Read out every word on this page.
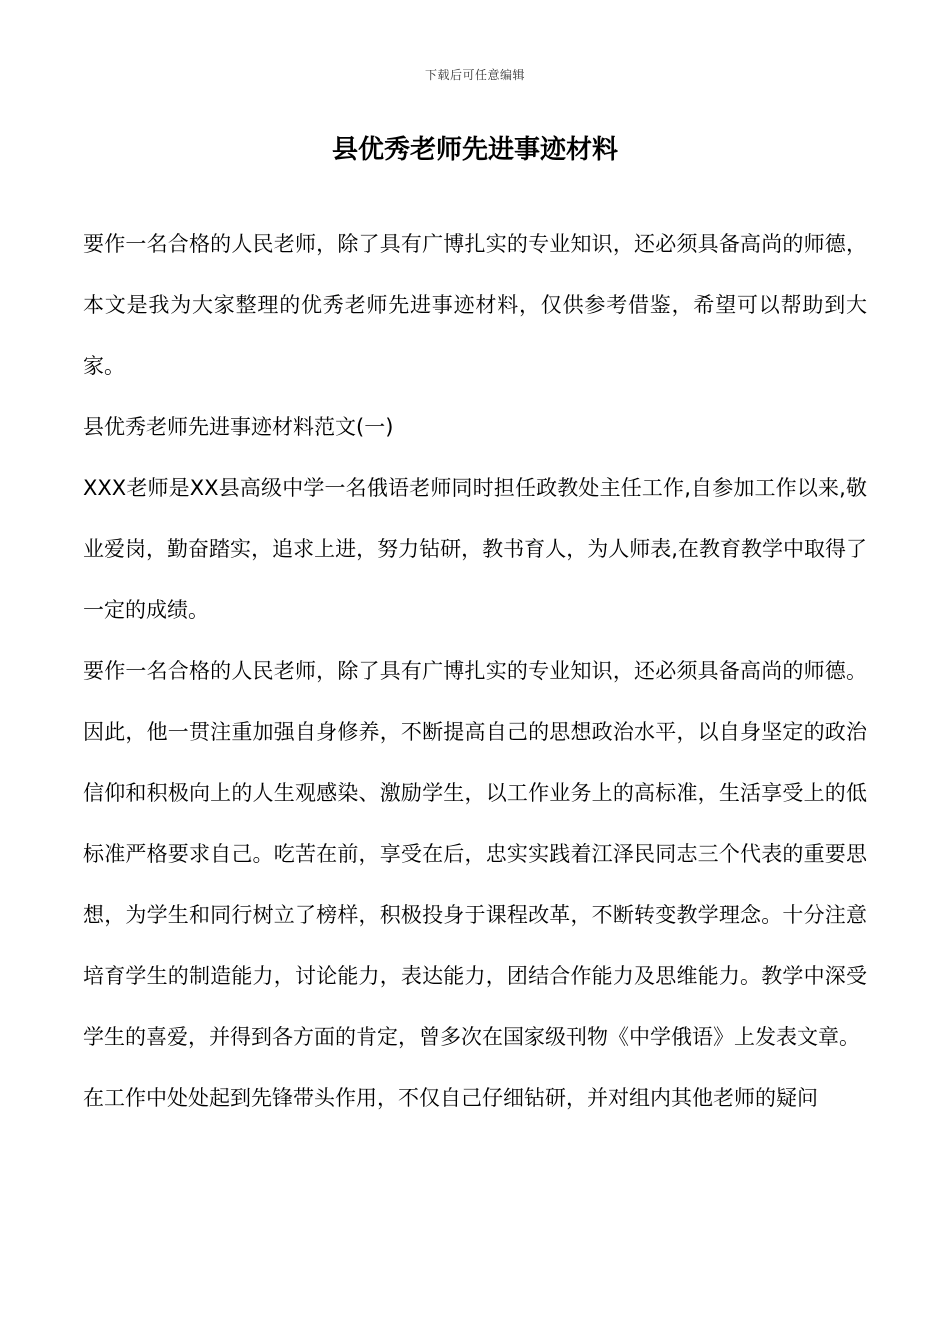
下载后可任意编辑
县优秀老师先进事迹材料

要作一名合格的人民老师，除了具有广博扎实的专业知识，还必须具备高尚的师德，本文是我为大家整理的优秀老师先进事迹材料，仅供参考借鉴，希望可以帮助到大家。

县优秀老师先进事迹材料范文(一)

XXX老师是XX县高级中学一名俄语老师同时担任政教处主任工作,自参加工作以来,敬业爱岗，勤奋踏实，追求上进，努力钻研，教书育人，为人师表,在教育教学中取得了一定的成绩。

要作一名合格的人民老师，除了具有广博扎实的专业知识，还必须具备高尚的师德。因此，他一贯注重加强自身修养，不断提高自己的思想政治水平，以自身坚定的政治信仰和积极向上的人生观感染、激励学生，以工作业务上的高标准，生活享受上的低标准严格要求自己。吃苦在前，享受在后，忠实实践着江泽民同志三个代表的重要思想，为学生和同行树立了榜样，积极投身于课程改革，不断转变教学理念。十分注意培育学生的制造能力，讨论能力，表达能力，团结合作能力及思维能力。教学中深受学生的喜爱，并得到各方面的肯定，曾多次在国家级刊物《中学俄语》上发表文章。

在工作中处处起到先锋带头作用，不仅自己仔细钻研，并对组内其他老师的疑问
